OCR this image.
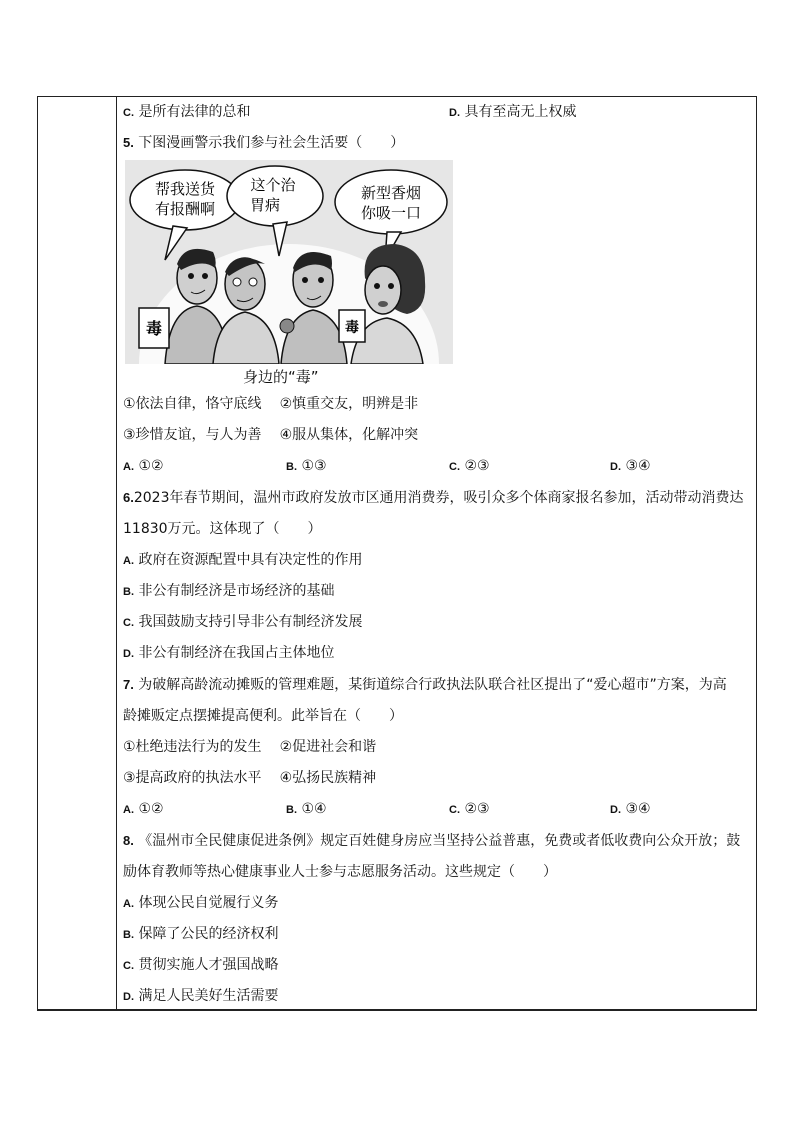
C. 是所有法律的总和	D. 具有至高无上权威
5. 下图漫画警示我们参与社会生活要（　　）
帮我送货
有报酬啊
这个治
胃病
新型香烟
你吸一口
毒	毒
身边的“毒”
①依法自律，恪守底线 ②慎重交友，明辨是非
③珍惜友谊，与人为善 ④服从集体，化解冲突
A. ①②	B. ①③	C. ②③	D. ③④
6.2023年春节期间，温州市政府发放市区通用消费券，吸引众多个体商家报名参加，活动带动消费达
11830万元。这体现了（　　）
A. 政府在资源配置中具有决定性的作用
B. 非公有制经济是市场经济的基础
C. 我国鼓励支持引导非公有制经济发展
D. 非公有制经济在我国占主体地位
7. 为破解高龄流动摊贩的管理难题，某街道综合行政执法队联合社区提出了“爱心超市”方案，为高
龄摊贩定点摆摊提高便利。此举旨在（　　）
①杜绝违法行为的发生 ②促进社会和谐
③提高政府的执法水平 ④弘扬民族精神
A. ①②	B. ①④	C. ②③	D. ③④
8. 《温州市全民健康促进条例》规定百姓健身房应当坚持公益普惠，免费或者低收费向公众开放；鼓
励体育教师等热心健康事业人士参与志愿服务活动。这些规定（　　）
A. 体现公民自觉履行义务
B. 保障了公民的经济权利
C. 贯彻实施人才强国战略
D. 满足人民美好生活需要
